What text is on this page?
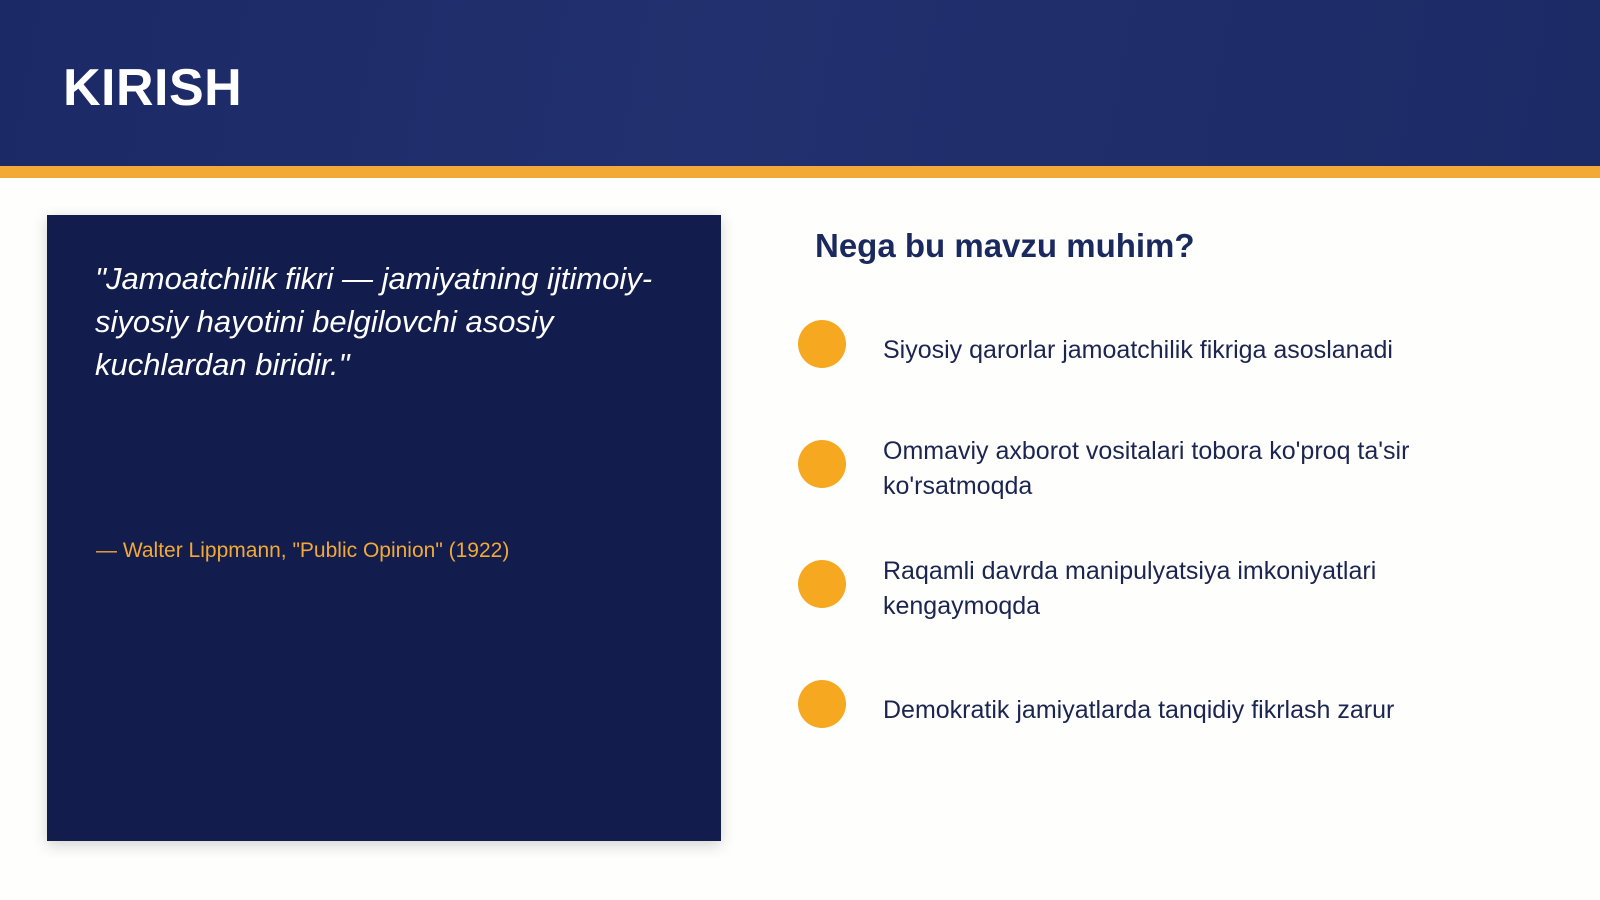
KIRISH

"Jamoatchilik fikri — jamiyatning ijtimoiy-siyosiy hayotini belgilovchi asosiy kuchlardan biridir."

— Walter Lippmann, "Public Opinion" (1922)

Nega bu mavzu muhim?
Siyosiy qarorlar jamoatchilik fikriga asoslanadi
Ommaviy axborot vositalari tobora ko'proq ta'sir ko'rsatmoqda
Raqamli davrda manipulyatsiya imkoniyatlari kengaymoqda
Demokratik jamiyatlarda tanqidiy fikrlash zarur
